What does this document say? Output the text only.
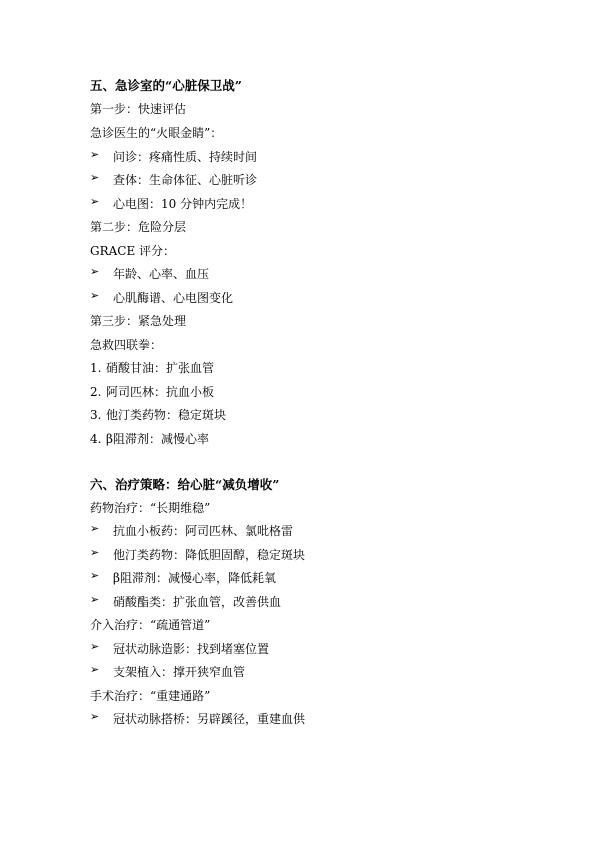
五、急诊室的“心脏保卫战”
第一步：快速评估
急诊医生的“火眼金睛”：
➢ 问诊：疼痛性质、持续时间
➢ 查体：生命体征、心脏听诊
➢ 心电图：10 分钟内完成！
第二步：危险分层
GRACE 评分：
➢ 年龄、心率、血压
➢ 心肌酶谱、心电图变化
第三步：紧急处理
急救四联拳：
1. 硝酸甘油：扩张血管
2. 阿司匹林：抗血小板
3. 他汀类药物：稳定斑块
4. β阻滞剂：减慢心率
六、治疗策略：给心脏“减负增收”
药物治疗：“长期维稳”
➢ 抗血小板药：阿司匹林、氯吡格雷
➢ 他汀类药物：降低胆固醇，稳定斑块
➢ β阻滞剂：减慢心率，降低耗氧
➢ 硝酸酯类：扩张血管，改善供血
介入治疗：“疏通管道”
➢ 冠状动脉造影：找到堵塞位置
➢ 支架植入：撑开狭窄血管
手术治疗：“重建通路”
➢ 冠状动脉搭桥：另辟蹊径，重建血供
